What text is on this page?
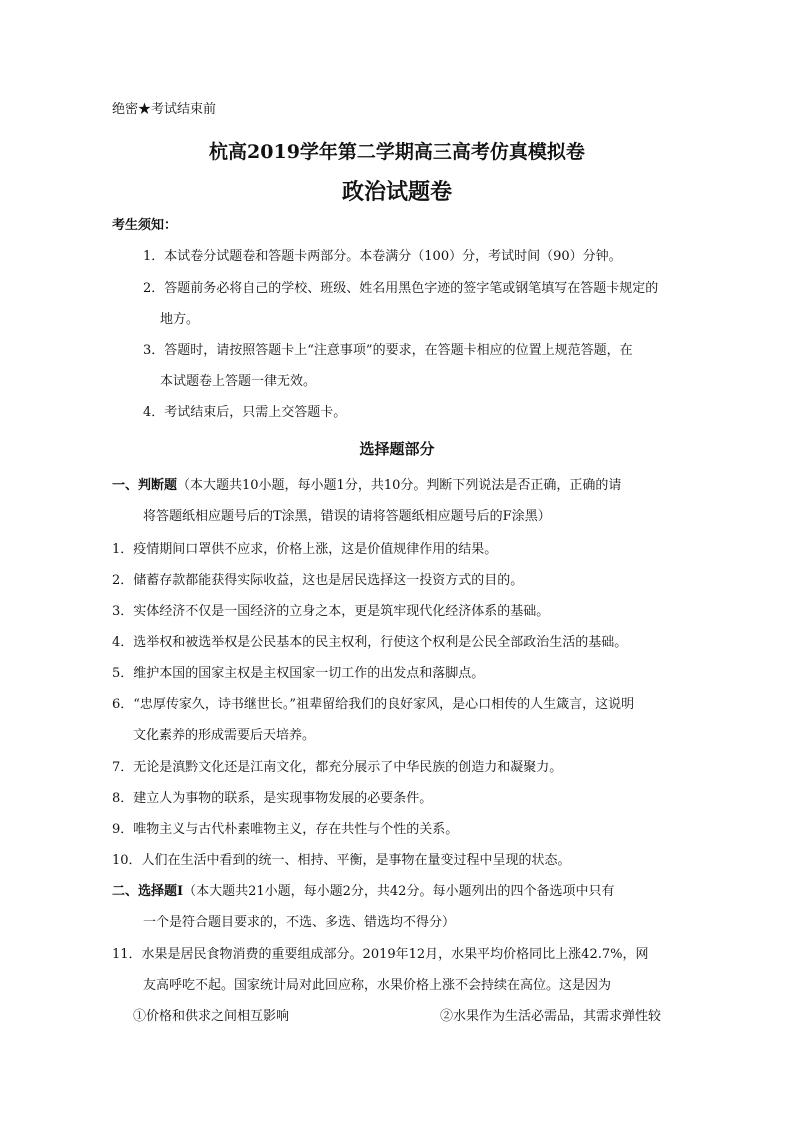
绝密★考试结束前
杭高2019学年第二学期高三高考仿真模拟卷
政治试题卷
考生须知：
1．本试卷分试题卷和答题卡两部分。本卷满分（100）分，考试时间（90）分钟。
2．答题前务必将自己的学校、班级、姓名用黑色字迹的签字笔或钢笔填写在答题卡规定的
地方。
3．答题时，请按照答题卡上“注意事项”的要求，在答题卡相应的位置上规范答题，在
本试题卷上答题一律无效。
4．考试结束后，只需上交答题卡。
选择题部分
一、判断题（本大题共10小题，每小题1分，共10分。判断下列说法是否正确，正确的请
将答题纸相应题号后的T涂黑，错误的请将答题纸相应题号后的F涂黑）
1．疫情期间口罩供不应求，价格上涨，这是价值规律作用的结果。
2．储蓄存款都能获得实际收益，这也是居民选择这一投资方式的目的。
3．实体经济不仅是一国经济的立身之本，更是筑牢现代化经济体系的基础。
4．选举权和被选举权是公民基本的民主权利，行使这个权利是公民全部政治生活的基础。
5．维护本国的国家主权是主权国家一切工作的出发点和落脚点。
6．“忠厚传家久，诗书继世长。”祖辈留给我们的良好家风，是心口相传的人生箴言，这说明
文化素养的形成需要后天培养。
7．无论是滇黔文化还是江南文化，都充分展示了中华民族的创造力和凝聚力。
8．建立人为事物的联系，是实现事物发展的必要条件。
9．唯物主义与古代朴素唯物主义，存在共性与个性的关系。
10．人们在生活中看到的统一、相持、平衡，是事物在量变过程中呈现的状态。
二、选择题Ⅰ（本大题共21小题，每小题2分，共42分。每小题列出的四个备选项中只有
一个是符合题目要求的，不选、多选、错选均不得分）
11．水果是居民食物消费的重要组成部分。2019年12月，水果平均价格同比上涨42.7%，网
友高呼吃不起。国家统计局对此回应称，水果价格上涨不会持续在高位。这是因为
①价格和供求之间相互影响	②水果作为生活必需品，其需求弹性较
